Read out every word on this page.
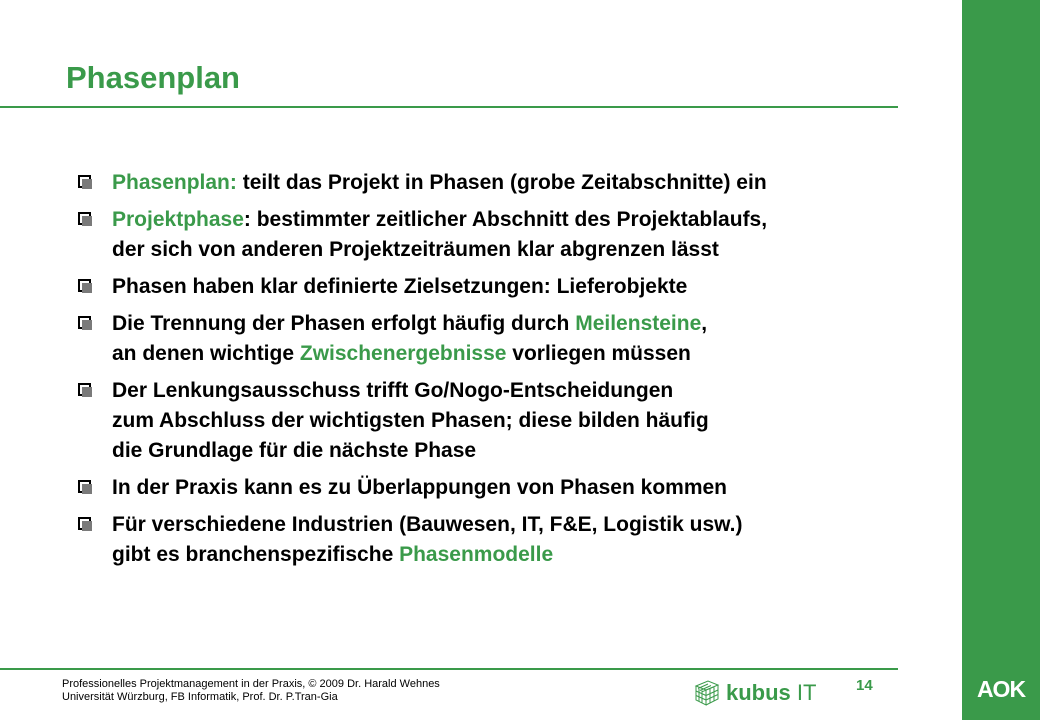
Phasenplan
Phasenplan: teilt das Projekt in Phasen (grobe Zeitabschnitte) ein
Projektphase: bestimmter zeitlicher Abschnitt des Projektablaufs,
der sich von anderen Projektzeiträumen klar abgrenzen lässt
Phasen haben klar definierte Zielsetzungen: Lieferobjekte
Die Trennung der Phasen erfolgt häufig durch Meilensteine,
an denen wichtige Zwischenergebnisse vorliegen müssen
Der Lenkungsausschuss trifft Go/Nogo-Entscheidungen
zum Abschluss der wichtigsten Phasen; diese bilden häufig
die Grundlage für die nächste Phase
In der Praxis kann es zu Überlappungen von Phasen kommen
Für verschiedene Industrien (Bauwesen, IT, F&E, Logistik usw.)
gibt es branchenspezifische Phasenmodelle
AOK
Professionelles Projektmanagement in der Praxis, © 2009 Dr. Harald Wehnes
Universität Würzburg, FB Informatik, Prof. Dr. P.Tran-Gia	kubus IT	14
